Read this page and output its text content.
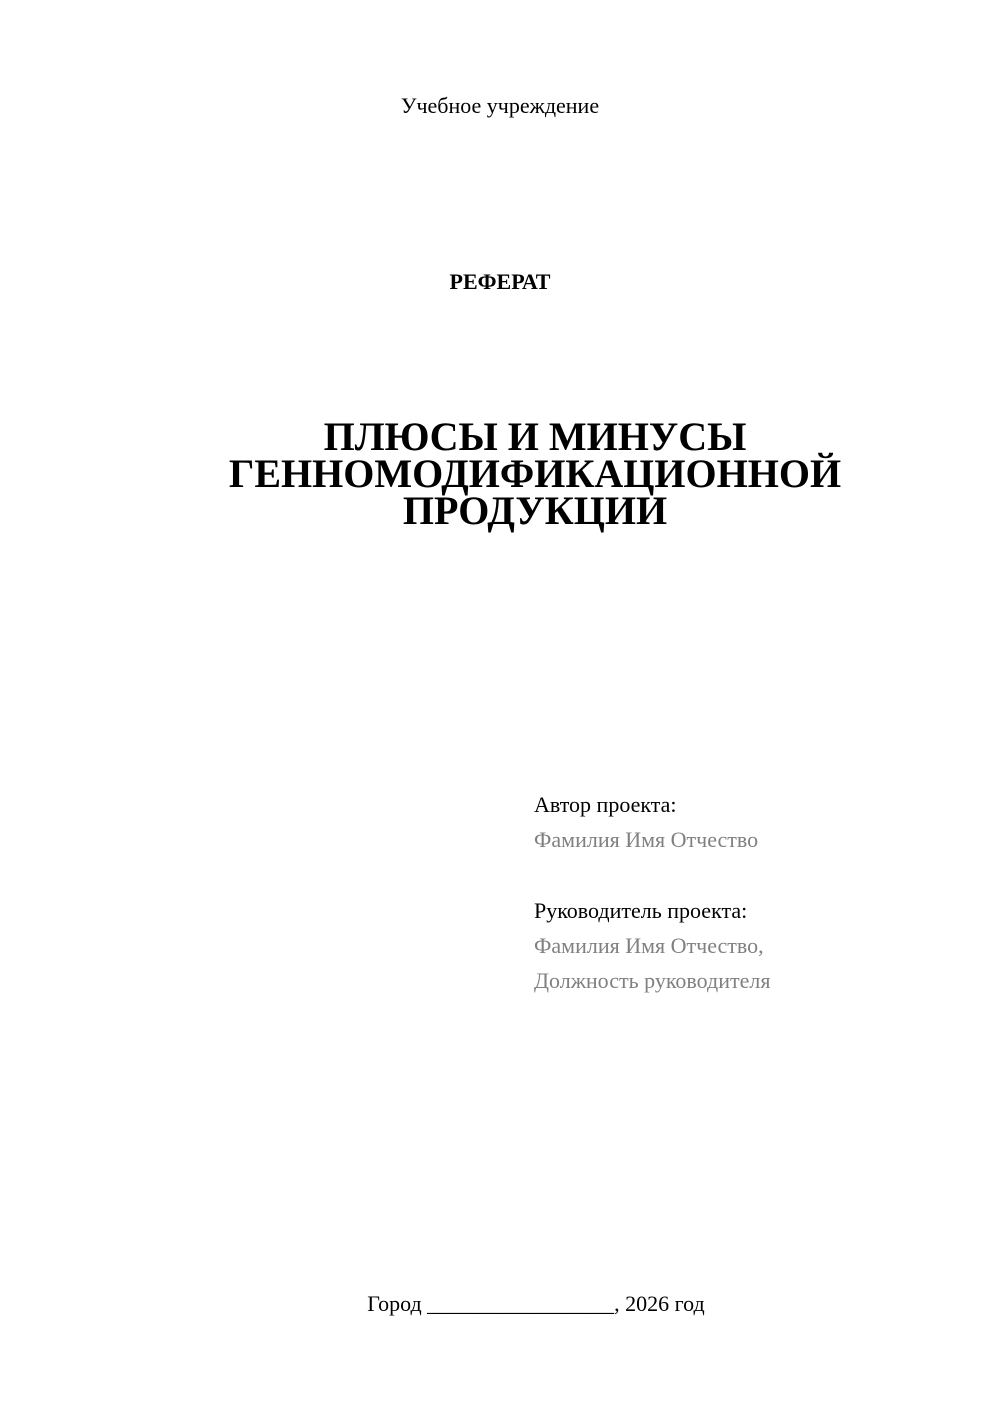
Учебное учреждение
РЕФЕРАТ
ПЛЮСЫ И МИНУСЫ
ГЕННОМОДИФИКАЦИОННОЙ
ПРОДУКЦИИ
Автор проекта:
Фамилия Имя Отчество
Руководитель проекта:
Фамилия Имя Отчество,
Должность руководителя
Город _________________, 2026 год
